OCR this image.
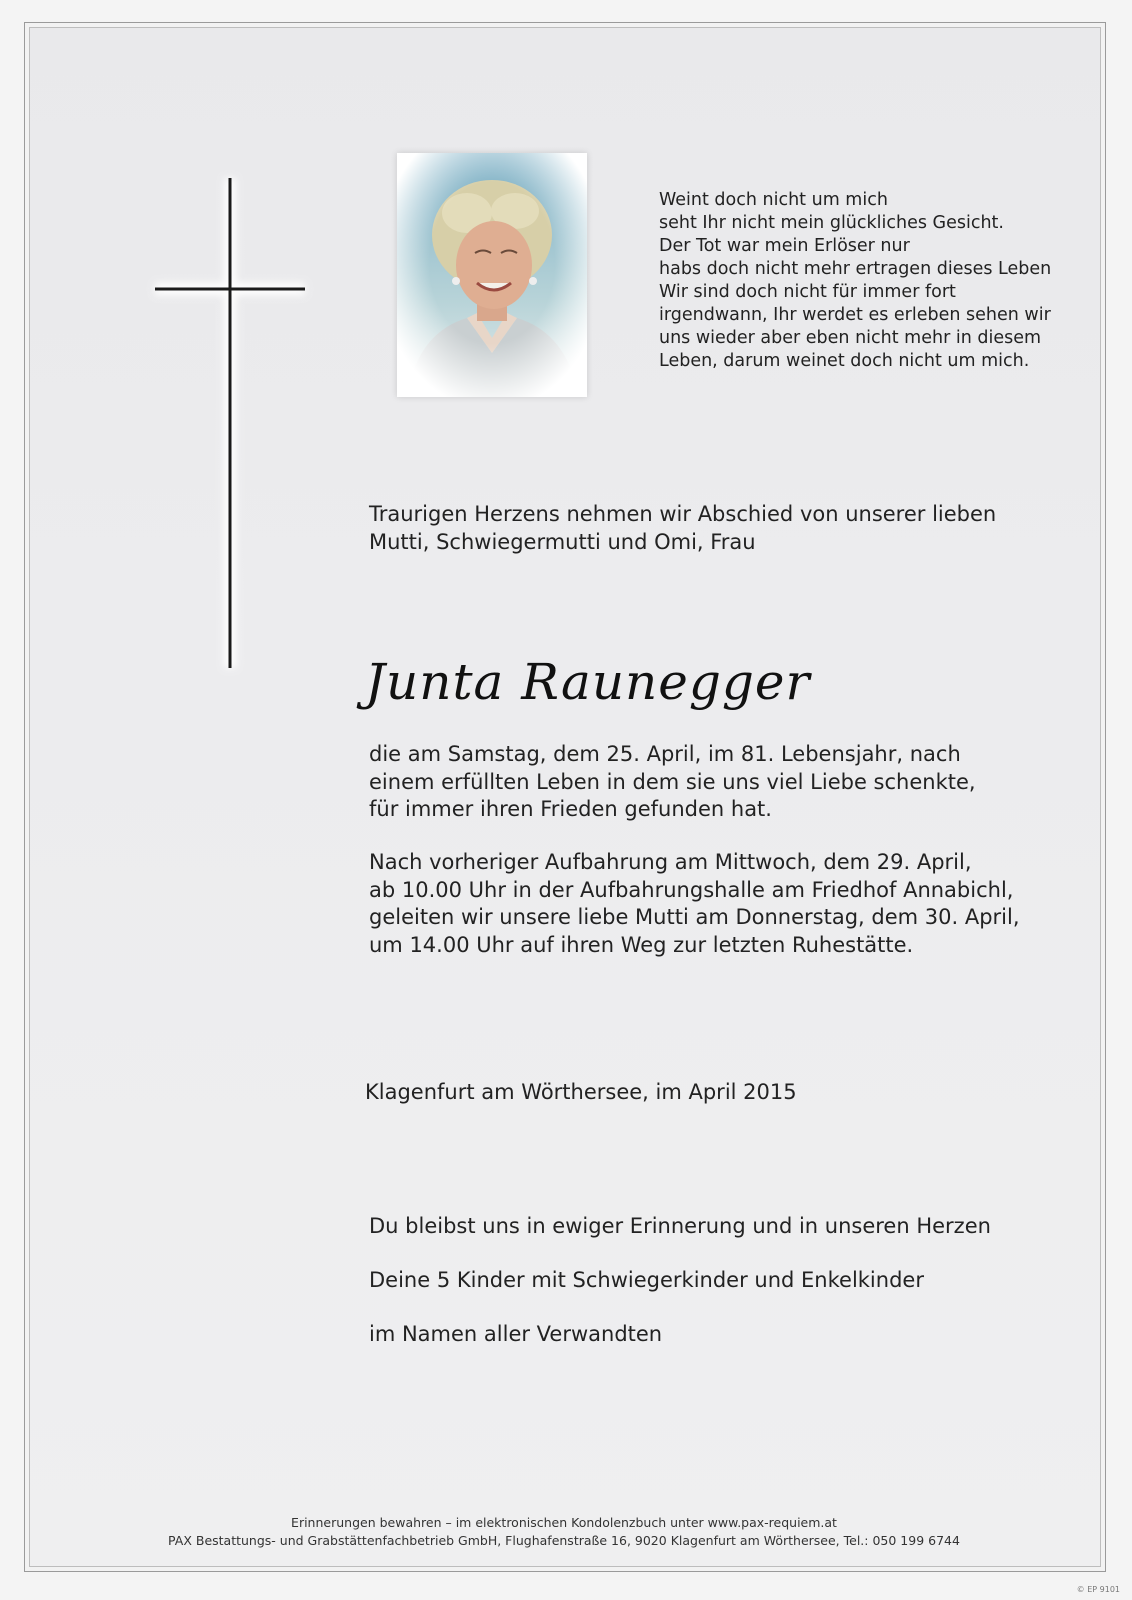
Weint doch nicht um mich
seht Ihr nicht mein glückliches Gesicht.
Der Tot war mein Erlöser nur
habs doch nicht mehr ertragen dieses Leben
Wir sind doch nicht für immer fort
irgendwann, Ihr werdet es erleben sehen wir
uns wieder aber eben nicht mehr in diesem
Leben, darum weinet doch nicht um mich.
Traurigen Herzens nehmen wir Abschied von unserer lieben
Mutti, Schwiegermutti und Omi, Frau
Junta Raunegger
die am Samstag, dem 25. April, im 81. Lebensjahr, nach
einem erfüllten Leben in dem sie uns viel Liebe schenkte,
für immer ihren Frieden gefunden hat.
Nach vorheriger Aufbahrung am Mittwoch, dem 29. April,
ab 10.00 Uhr in der Aufbahrungshalle am Friedhof Annabichl,
geleiten wir unsere liebe Mutti am Donnerstag, dem 30. April,
um 14.00 Uhr auf ihren Weg zur letzten Ruhestätte.
Klagenfurt am Wörthersee, im April 2015
Du bleibst uns in ewiger Erinnerung und in unseren Herzen
Deine 5 Kinder mit Schwiegerkinder und Enkelkinder
im Namen aller Verwandten
Erinnerungen bewahren – im elektronischen Kondolenzbuch unter www.pax-requiem.at
PAX Bestattungs- und Grabstättenfachbetrieb GmbH, Flughafenstraße 16, 9020 Klagenfurt am Wörthersee, Tel.: 050 199 6744
© EP 9101
